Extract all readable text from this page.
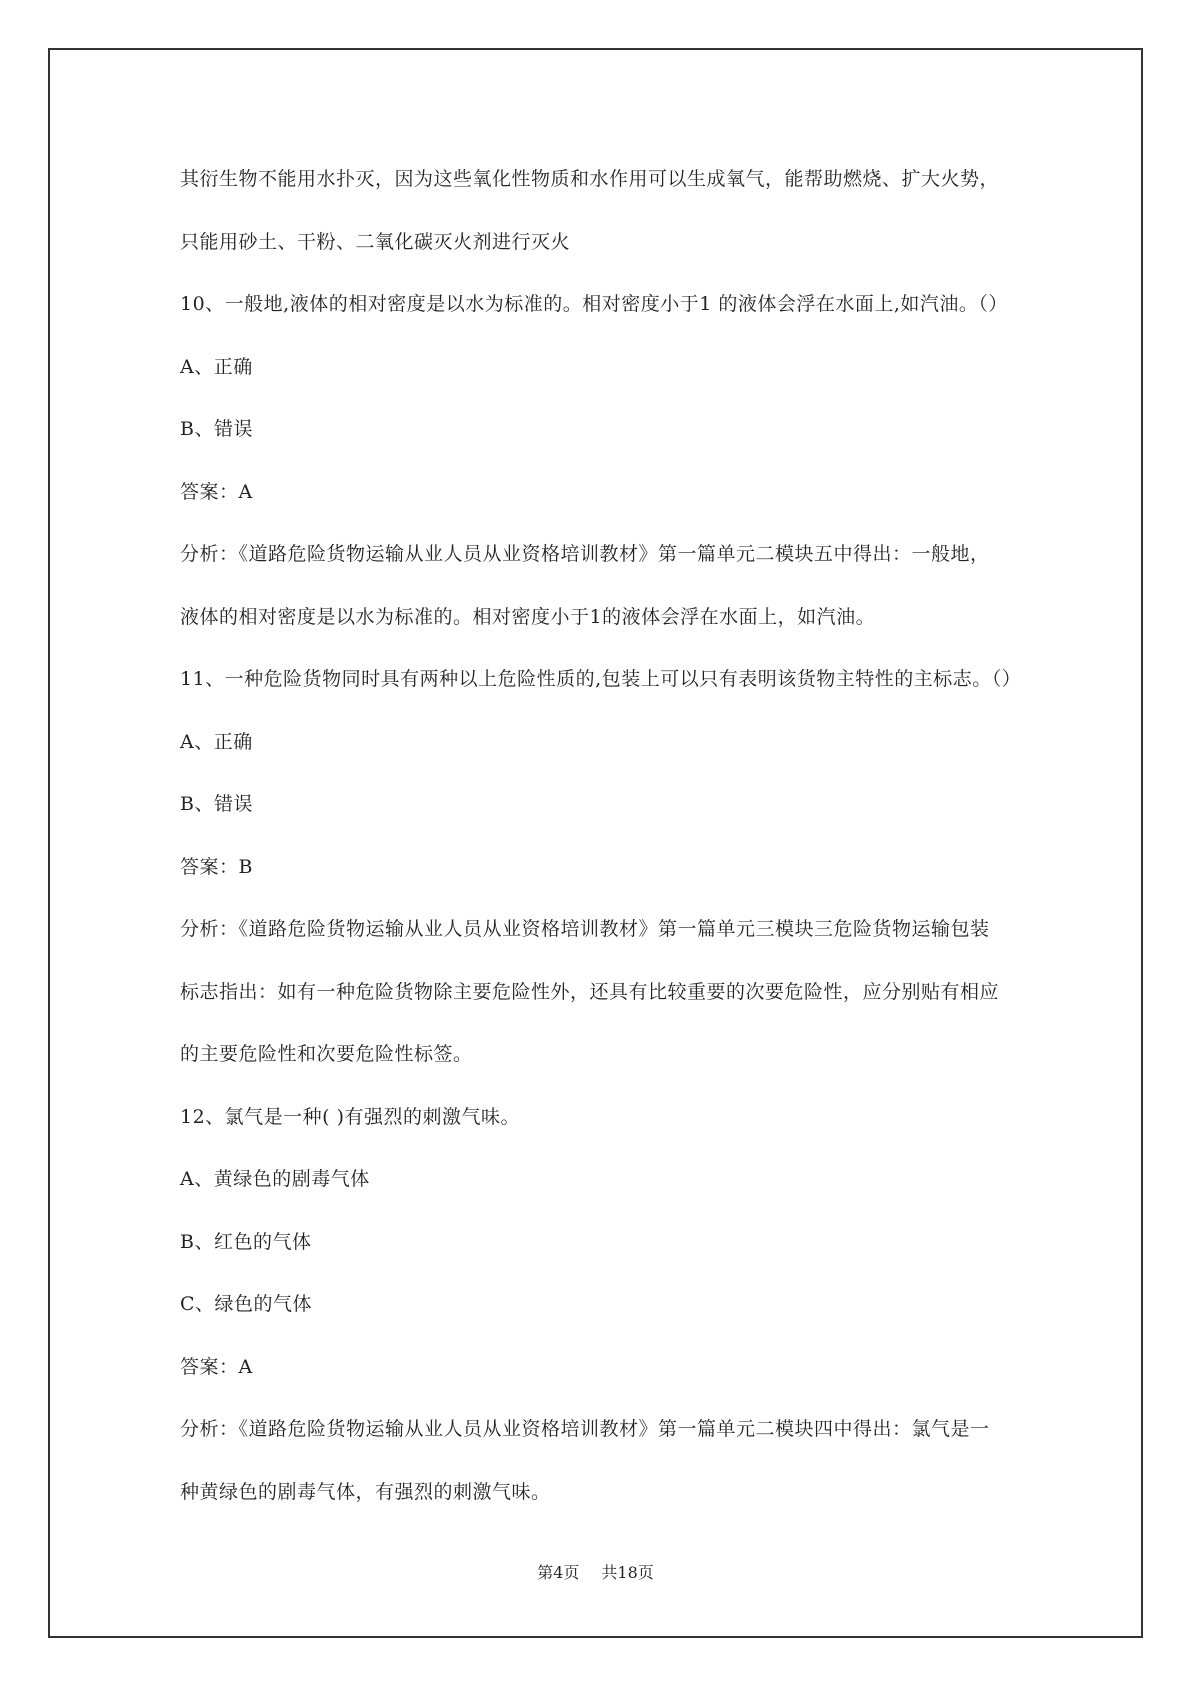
其衍生物不能用水扑灭，因为这些氧化性物质和水作用可以生成氧气，能帮助燃烧、扩大火势，
只能用砂土、干粉、二氧化碳灭火剂进行灭火
10、一般地,液体的相对密度是以水为标准的。相对密度小于1 的液体会浮在水面上,如汽油。（）
A、正确
B、错误
答案：A
分析：《道路危险货物运输从业人员从业资格培训教材》第一篇单元二模块五中得出：一般地，
液体的相对密度是以水为标准的。相对密度小于1的液体会浮在水面上，如汽油。
11、一种危险货物同时具有两种以上危险性质的,包装上可以只有表明该货物主特性的主标志。（）
A、正确
B、错误
答案：B
分析：《道路危险货物运输从业人员从业资格培训教材》第一篇单元三模块三危险货物运输包装
标志指出：如有一种危险货物除主要危险性外，还具有比较重要的次要危险性，应分别贴有相应
的主要危险性和次要危险性标签。
12、氯气是一种( )有强烈的刺激气味。
A、黄绿色的剧毒气体
B、红色的气体
C、绿色的气体
答案：A
分析：《道路危险货物运输从业人员从业资格培训教材》第一篇单元二模块四中得出：氯气是一
种黄绿色的剧毒气体，有强烈的刺激气味。
第4页 共18页
